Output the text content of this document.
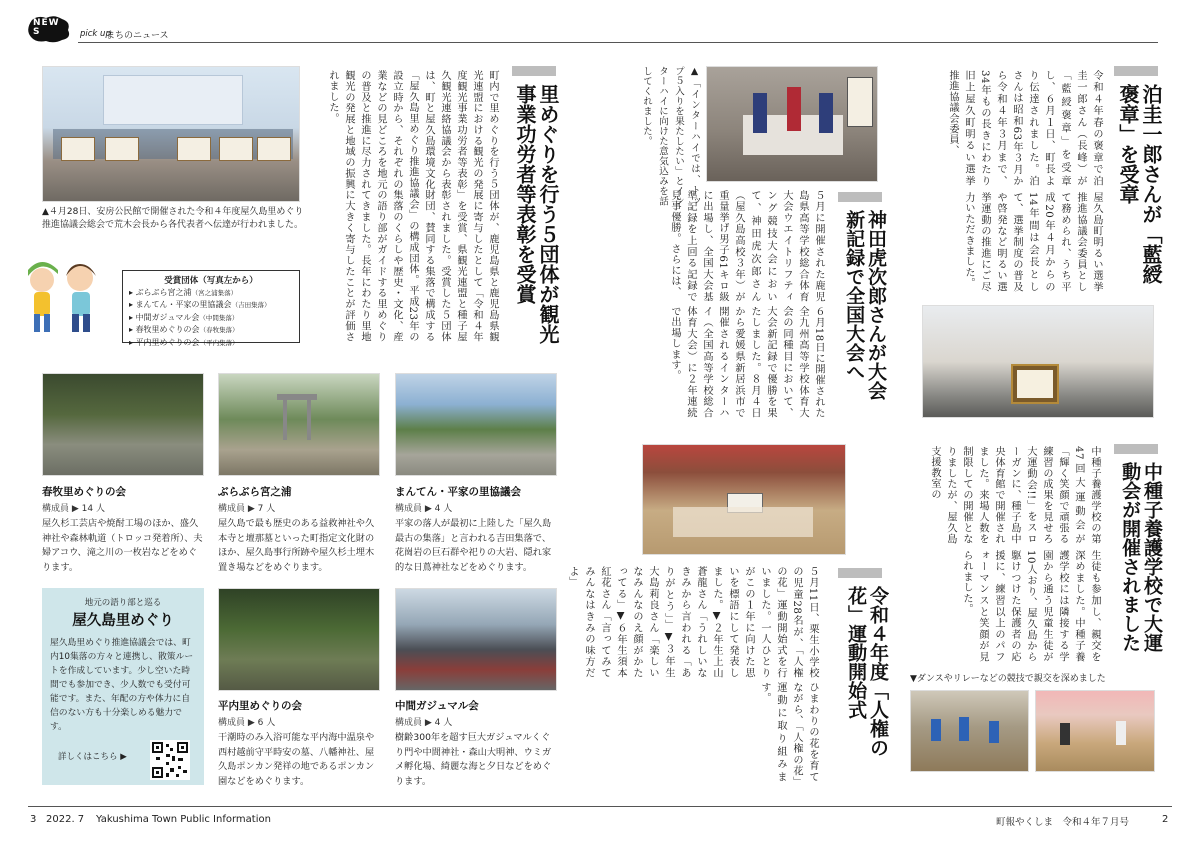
NEWS	pick up
まちのニュース
里めぐりを行う５団体が観光事業功労者等表彰を受賞
町内で里めぐりを行う５団体が、鹿児島県と鹿児島県観光連盟における観光の発展に寄与したとして「令和４年度観光事業功労者等表彰」を受賞、県観光連盟と種子屋久観光連絡協議会から表彰されました。受賞した５団体は、町と屋久島環境文化財団、賛同する集落で構成する「屋久島里めぐり推進協議会」の構成団体。平成23年の設立時から、それぞれの集落のくらしや歴史・文化、産業などの見どころを地元の語り部がガイドする里めぐりの普及と推進に尽力されてきました。長年にわたり里地観光の発展と地域の振興に大きく寄与したことが評価されました。
▲４月28日、安房公民館で開催された令和４年度屋久島里めぐり推進協議会総会で荒木会長から各代表者へ伝達が行われました。
受賞団体（写真左から）
▸ ぶらぶら宮之浦（宮之浦集落）
▸ まんてん・平家の里協議会（吉田集落）
▸ 中間ガジュマル会（中間集落）
▸ 春牧里めぐりの会（春牧集落）
▸ 平内里めぐりの会（平内集落）
春牧里めぐりの会
構成員 ▶ 14 人
屋久杉工芸店や焼酎工場のほか、盛久神社や森林軌道（トロッコ発着所）、夫婦アコウ、滝之川の一枚岩などをめぐります。
ぶらぶら宮之浦
構成員 ▶ 7 人
屋久島で最も歴史のある益救神社や久本寺と壇那墓といった町指定文化財のほか、屋久島事行所跡や屋久杉土埋木置き場などをめぐります。
まんてん・平家の里協議会
構成員 ▶ 4 人
平家の落人が最初に上陸した「屋久島最古の集落」と言われる吉田集落で、花崗岩の巨石群や祀りの大岩、隠れ家的な日蔦神社などをめぐります。
地元の語り部と巡る
屋久島里めぐり
屋久島里めぐり推進協議会では、町内10集落の方々と連携し、散策ルートを作成しています。少し空いた時間でも参加でき、少人数でも受付可能です。また、年配の方や体力に自信のない方も十分楽しめる魅力です。
詳しくはこちら ▶
平内里めぐりの会
構成員 ▶ 6 人
干潮時のみ入浴可能な平内海中温泉や西村越前守平時安の墓、八幡神社、屋久島ポンカン発祥の地であるポンカン園などをめぐります。
中間ガジュマル会
構成員 ▶ 4 人
樹齢300年を超す巨大ガジュマルくぐり門や中間神社・森山大明神、ウミガメ孵化場、綺麗な海と夕日などをめぐります。
泊圭一郎さんが「藍綬褒章」を受章
令和４年春の褒章で泊圭一郎さん（長峰）が「藍綬褒章」を受章し、６月１日、町長より伝達されました。泊さんは昭和63年３月から令和４年３月まで、34年もの長きにわたり旧上屋久町明るい選挙推進協議会委員、
屋久島町明るい選挙推進協議会委員として務められ、うち平成20年４月からの14年間は会長として、選挙制度の普及や啓発など明るい選挙運動の推進にご尽力いただきました。
神田虎次郎さんが大会新記録で全国大会へ
▲「インターハイでは、トップ５入りを果たしたい」とインターハイに向けた意気込みを話してくれました。
５月に開催された鹿児島県高等学校総合体育大会ウエイトリフティング競技大会において、神田虎次郎さん（屋久島高校３年）が重量挙げ男子61キロ級に出場し、全国大会基準記録を上回る記録で見事優勝。さらには、
６月18日に開催された全九州高等学校体育大会の同種目において、大会新記録で優勝を果たしました。８月４日から愛媛県新居浜市で開催されるインターハイ（全国高等学校総合体育大会）に２年連続で出場します。
中種子養護学校で大運動会が開催されました
中種子養護学校の第47回大運動会が「輝く笑顔で頑張る練習の成果を見せろ大運動会!!」をスローガンに、種子島中央体育館で開催されました。来場人数を制限しての開催となりましたが、屋久島支援教室の
生徒も参加し、親交を深めました。中種子養護学校には隣接する学園から通う児童生徒が10人おり、屋久島から駆けつけた保護者の応援に、練習以上のパフォーマンスと笑顔が見られました。
▼ダンスやリレーなどの競技で親交を深めました
令和４年度「人権の花」運動開始式
５月11日、栗生小学校の児童28名が、「人権の花」運動開始式を行いました。一人ひとりがこの１年に向けた思いを標語にして発表しました。▼２年生上山蒼龍さん「うれしいなきみから言われる「ありがとう」」▼３年生大島莉良さん「楽しいなみんなのえ顔がかたってる」▼６年生須本紅花さん「言ってみてみんなはきみの味方だよ」
ひまわりの花を育てながら、「人権の花」運動に取り組みます。
3 2022. 7 Yakushima Town Public Information	町報やくしま　令和４年７月号	2
